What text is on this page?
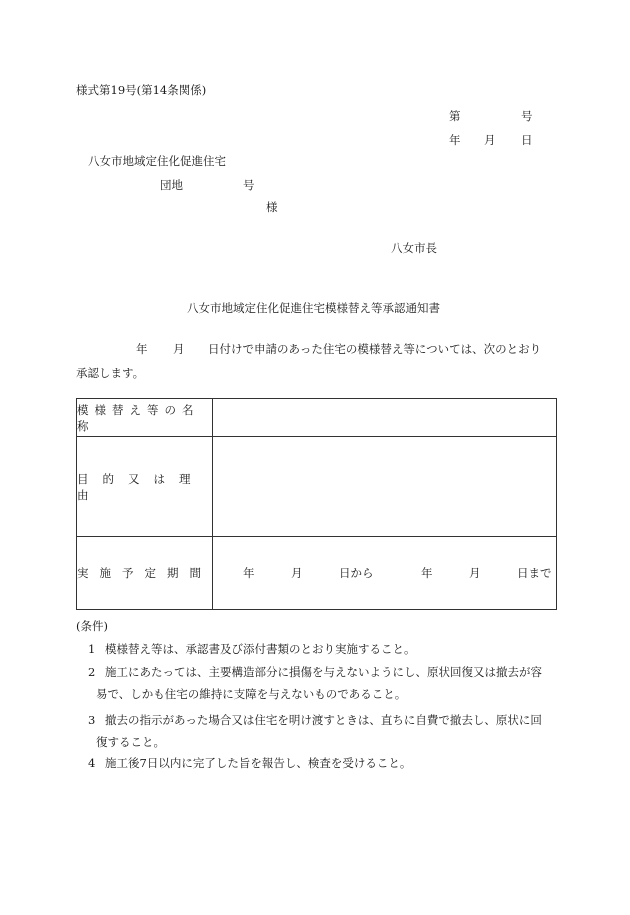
様式第19号(第14条関係)
第	号
年 月 日
八女市地域定住化促進住宅
団地	号
様
八女市長
八女市地域定住化促進住宅模様替え等承認通知書
年 月 日付けで申請のあった住宅の模様替え等については、次のとおり
承認します。
模様替え等の名称
目的又は理由
実施予定期間	年	月	日から	年	月	日まで
(条件)
1 模様替え等は、承認書及び添付書類のとおり実施すること。
2 施工にあたっては、主要構造部分に損傷を与えないようにし、原状回復又は撤去が容
易で、しかも住宅の維持に支障を与えないものであること。
3 撤去の指示があった場合又は住宅を明け渡すときは、直ちに自費で撤去し、原状に回
復すること。
4 施工後7日以内に完了した旨を報告し、検査を受けること。
